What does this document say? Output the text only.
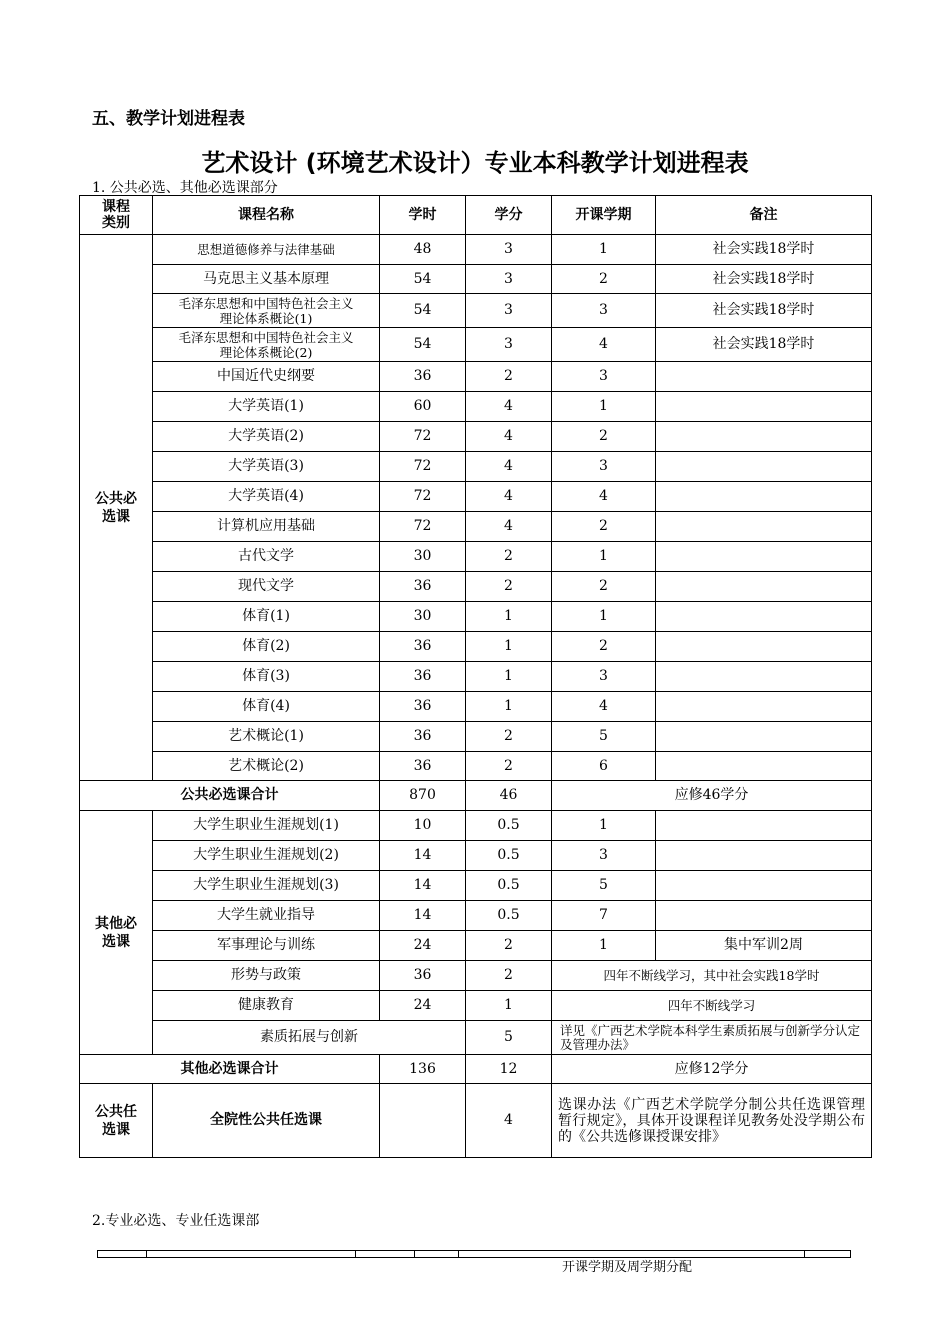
五、教学计划进程表
艺术设计 (环境艺术设计）专业本科教学计划进程表
1. 公共必选、其他必选课部分
课程
类别	课程名称	学时	学分	开课学期	备注
公共必
选课	思想道德修养与法律基础	48	3	1	社会实践18学时
	马克思主义基本原理	54	3	2	社会实践18学时
	毛泽东思想和中国特色社会主义
理论体系概论(1)	54	3	3	社会实践18学时
	毛泽东思想和中国特色社会主义
理论体系概论(2)	54	3	4	社会实践18学时
	中国近代史纲要	36	2	3	
	大学英语(1)	60	4	1	
	大学英语(2)	72	4	2	
	大学英语(3)	72	4	3	
	大学英语(4)	72	4	4	
	计算机应用基础	72	4	2	
	古代文学	30	2	1	
	现代文学	36	2	2	
	体育(1)	30	1	1	
	体育(2)	36	1	2	
	体育(3)	36	1	3	
	体育(4)	36	1	4	
	艺术概论(1)	36	2	5	
	艺术概论(2)	36	2	6	
公共必选课合计		870	46	应修46学分	
其他必
选课	大学生职业生涯规划(1)	10	0.5	1	
	大学生职业生涯规划(2)	14	0.5	3	
	大学生职业生涯规划(3)	14	0.5	5	
	大学生就业指导	14	0.5	7	
	军事理论与训练	24	2	1	集中军训2周
	形势与政策	36	2	四年不断线学习，其中社会实践18学时	
	健康教育	24	1	四年不断线学习	
	素质拓展与创新		5	详见《广西艺术学院本科学生素质拓展与创新学分认定及管理办法》	
其他必选课合计		136	12	应修12学分	
公共任
选课	全院性公共任选课		4	选课办法《广西艺术学院学分制公共任选课管理暂行规定》，具体开设课程详见教务处没学期公布的《公共选修课授课安排》	
2.专业必选、专业任选课部
开课学期及周学期分配
